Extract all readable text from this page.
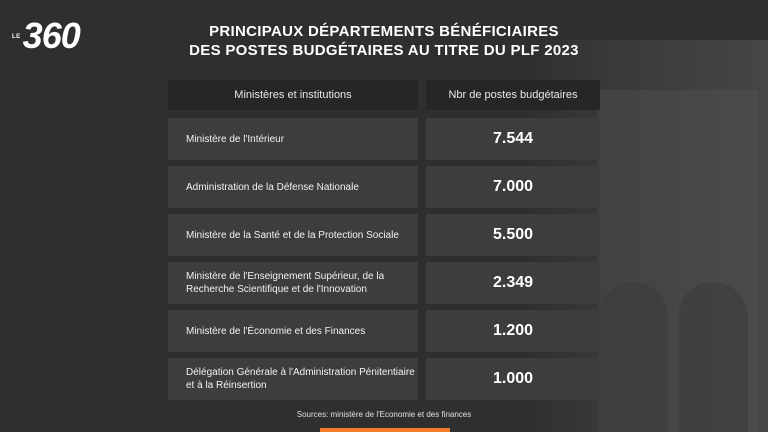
LE 360	PRINCIPAUX DÉPARTEMENTS BÉNÉFICIAIRES
DES POSTES BUDGÉTAIRES AU TITRE DU PLF 2023
Ministères et institutions	Nbr de postes budgétaires
Ministère de l'Intérieur	7.544
Administration de la Défense Nationale	7.000
Ministère de la Santé et de la Protection Sociale	5.500
Ministère de l'Enseignement Supérieur, de la Recherche Scientifique et de l'Innovation	2.349
Ministère de l'Économie et des Finances	1.200
Délégation Générale à l'Administration Pénitentiaire et à la Réinsertion	1.000
Sources: ministère de l'Economie et des finances
